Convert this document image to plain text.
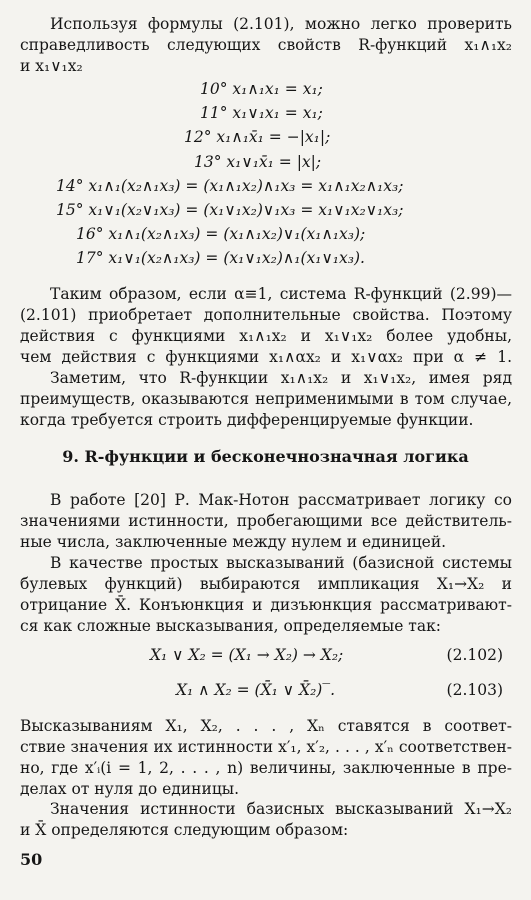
Используя формулы (2.101), можно легко проверить
справедливость следующих свойств R-функций x₁∧₁x₂
и x₁∨₁x₂
10° x₁∧₁x₁ = x₁;
11° x₁∨₁x₁ = x₁;
12° x₁∧₁x̄₁ = −|x₁|;
13° x₁∨₁x̄₁ = |x|;
14° x₁∧₁(x₂∧₁x₃) = (x₁∧₁x₂)∧₁x₃ = x₁∧₁x₂∧₁x₃;
15° x₁∨₁(x₂∨₁x₃) = (x₁∨₁x₂)∨₁x₃ = x₁∨₁x₂∨₁x₃;
16° x₁∧₁(x₂∧₁x₃) = (x₁∧₁x₂)∨₁(x₁∧₁x₃);
17° x₁∨₁(x₂∧₁x₃) = (x₁∨₁x₂)∧₁(x₁∨₁x₃).
Таким образом, если α≡1, система R-функций (2.99)—
(2.101) приобретает дополнительные свойства. Поэтому
действия с функциями x₁∧₁x₂ и x₁∨₁x₂ более удобны,
чем действия с функциями x₁∧αx₂ и x₁∨αx₂ при α ≠ 1.
Заметим, что R-функции x₁∧₁x₂ и x₁∨₁x₂, имея ряд
преимуществ, оказываются неприменимыми в том случае,
когда требуется строить дифференцируемые функции.
9. R-функции и бесконечнозначная логика
В работе [20] Р. Мак-Нотон рассматривает логику со
значениями истинности, пробегающими все действитель-
ные числа, заключенные между нулем и единицей.
В качестве простых высказываний (базисной системы
булевых функций) выбираются импликация X₁→X₂ и
отрицание X̄. Конъюнкция и дизъюнкция рассматривают-
ся как сложные высказывания, определяемые так:
X₁ ∨ X₂ = (X₁ → X₂) → X₂;	(2.102)
X₁ ∧ X₂ = (X̄̄₁ ∨ X̄̄₂)‾.	(2.103)
Высказываниям X₁, X₂, . . . , Xₙ ставятся в соответ-
ствие значения их истинности x′₁, x′₂, . . . , x′ₙ соответствен-
но, где x′ᵢ(i = 1, 2, . . . , n) величины, заключенные в пре-
делах от нуля до единицы.
Значения истинности базисных высказываний X₁→X₂
и X̄ определяются следующим образом:
50
